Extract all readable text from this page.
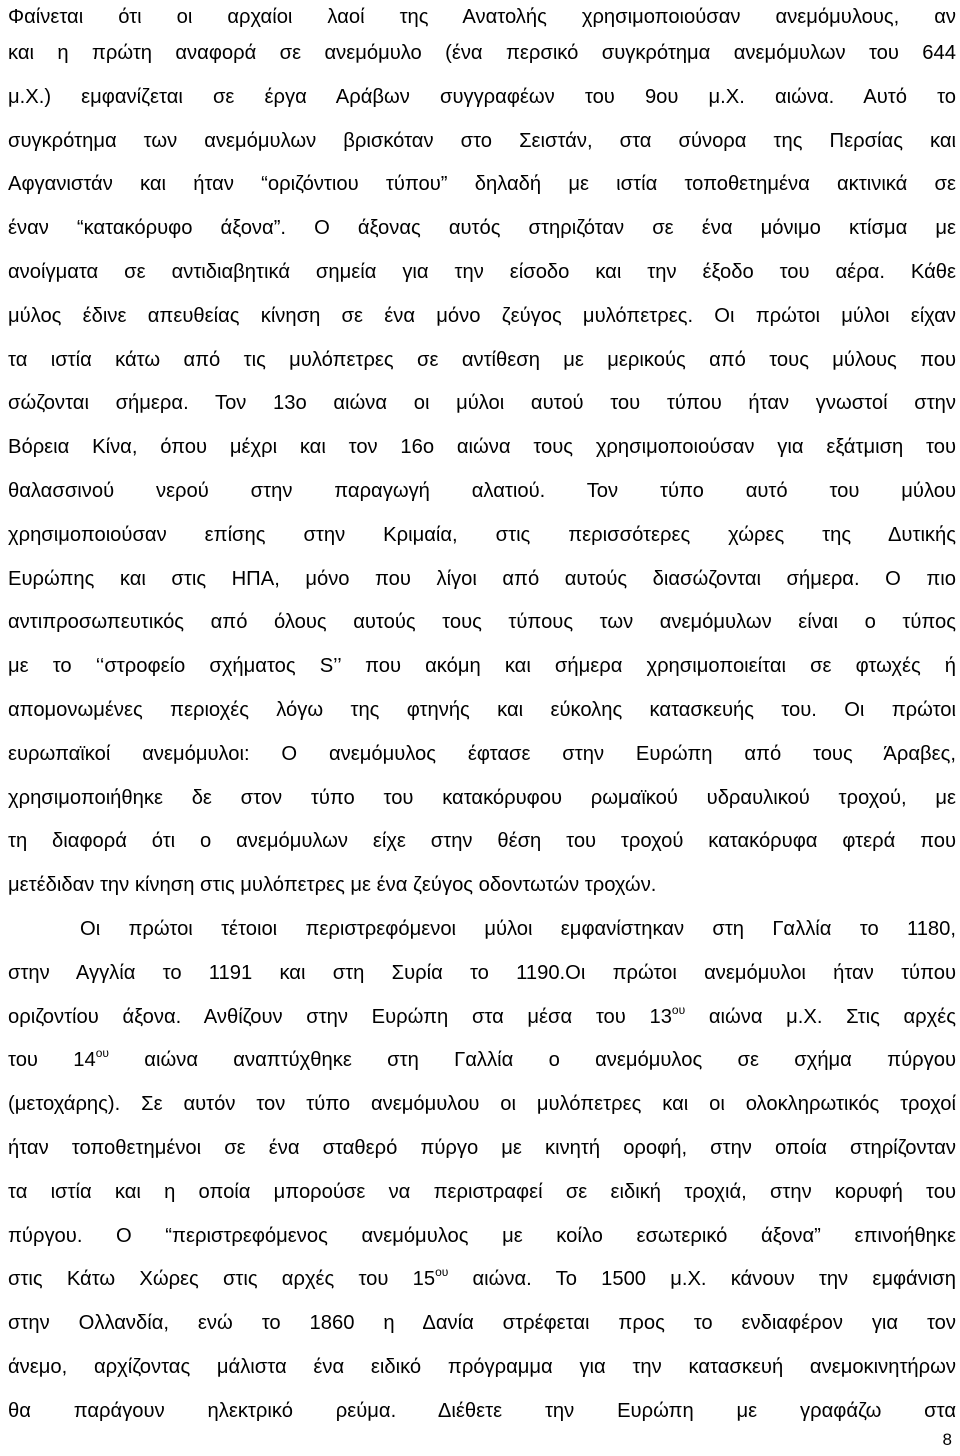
Φαίνεται ότι οι αρχαίοι λαοί της Ανατολής χρησιμοποιούσαν ανεμόμυλους, αν
και η πρώτη αναφορά σε ανεμόμυλο (ένα περσικό συγκρότημα ανεμόμυλων του 644
μ.Χ.) εμφανίζεται σε έργα Αράβων συγγραφέων του 9ου μ.Χ. αιώνα. Αυτό το
συγκρότημα των ανεμόμυλων βρισκόταν στο Σειστάν, στα σύνορα της Περσίας και
Αφγανιστάν και ήταν “οριζόντιου τύπου” δηλαδή με ιστία τοποθετημένα ακτινικά σε
έναν “κατακόρυφο άξονα”. Ο άξονας αυτός στηριζόταν σε ένα μόνιμο κτίσμα με
ανοίγματα σε αντιδιαβητικά σημεία για την είσοδο και την έξοδο του αέρα. Κάθε
μύλος έδινε απευθείας κίνηση σε ένα μόνο ζεύγος μυλόπετρες. Οι πρώτοι μύλοι είχαν
τα ιστία κάτω από τις μυλόπετρες σε αντίθεση με μερικούς από τους μύλους που
σώζονται σήμερα. Τον 13ο αιώνα οι μύλοι αυτού του τύπου ήταν γνωστοί στην
Βόρεια Κίνα, όπου μέχρι και τον 16ο αιώνα τους χρησιμοποιούσαν για εξάτμιση του
θαλασσινού νερού στην παραγωγή αλατιού. Τον τύπο αυτό του μύλου
χρησιμοποιούσαν επίσης στην Κριμαία, στις περισσότερες χώρες της Δυτικής
Ευρώπης και στις ΗΠΑ, μόνο που λίγοι από αυτούς διασώζονται σήμερα. Ο πιο
αντιπροσωπευτικός από όλους αυτούς τους τύπους των ανεμόμυλων είναι ο τύπος
με το ‘‘στροφείο σχήματος S’’ που ακόμη και σήμερα χρησιμοποιείται σε φτωχές ή
απομονωμένες περιοχές λόγω της φτηνής και εύκολης κατασκευής του. Οι πρώτοι
ευρωπαϊκοί ανεμόμυλοι: Ο ανεμόμυλος έφτασε στην Ευρώπη από τους Άραβες,
χρησιμοποιήθηκε δε στον τύπο του κατακόρυφου ρωμαϊκού υδραυλικού τροχού, με
τη διαφορά ότι ο ανεμόμυλων είχε στην θέση του τροχού κατακόρυφα φτερά που
μετέδιδαν την κίνηση στις μυλόπετρες με ένα ζεύγος οδοντωτών τροχών.
Οι πρώτοι τέτοιοι περιστρεφόμενοι μύλοι εμφανίστηκαν στη Γαλλία το 1180,
στην Αγγλία το 1191 και στη Συρία το 1190.Οι πρώτοι ανεμόμυλοι ήταν τύπου
οριζοντίου άξονα. Ανθίζουν στην Ευρώπη στα μέσα του $13^{o\upsilon}$ αιώνα μ.Χ. Στις αρχές
του $14^{o\upsilon}$ αιώνα αναπτύχθηκε στη Γαλλία ο ανεμόμυλος σε σχήμα πύργου
(μετοχάρης). Σε αυτόν τον τύπο ανεμόμυλου οι μυλόπετρες και οι ολοκληρωτικός τροχοί
ήταν τοποθετημένοι σε ένα σταθερό πύργο με κινητή οροφή, στην οποία στηρίζονταν
τα ιστία και η οποία μπορούσε να περιστραφεί σε ειδική τροχιά, στην κορυφή του
πύργου. Ο “περιστρεφόμενος ανεμόμυλος με κοίλο εσωτερικό άξονα” επινοήθηκε
στις Κάτω Χώρες στις αρχές του $15^{o\upsilon}$ αιώνα. Το 1500 μ.Χ. κάνουν την εμφάνιση
στην Ολλανδία, ενώ το 1860 η Δανία στρέφεται προς το ενδιαφέρον για τον
άνεμο, αρχίζοντας μάλιστα ένα ειδικό πρόγραμμα για την κατασκευή ανεμοκινητήρων
θα παράγουν ηλεκτρικό ρεύμα. Διέθετε την Ευρώπη με γραφάζω στα
8
